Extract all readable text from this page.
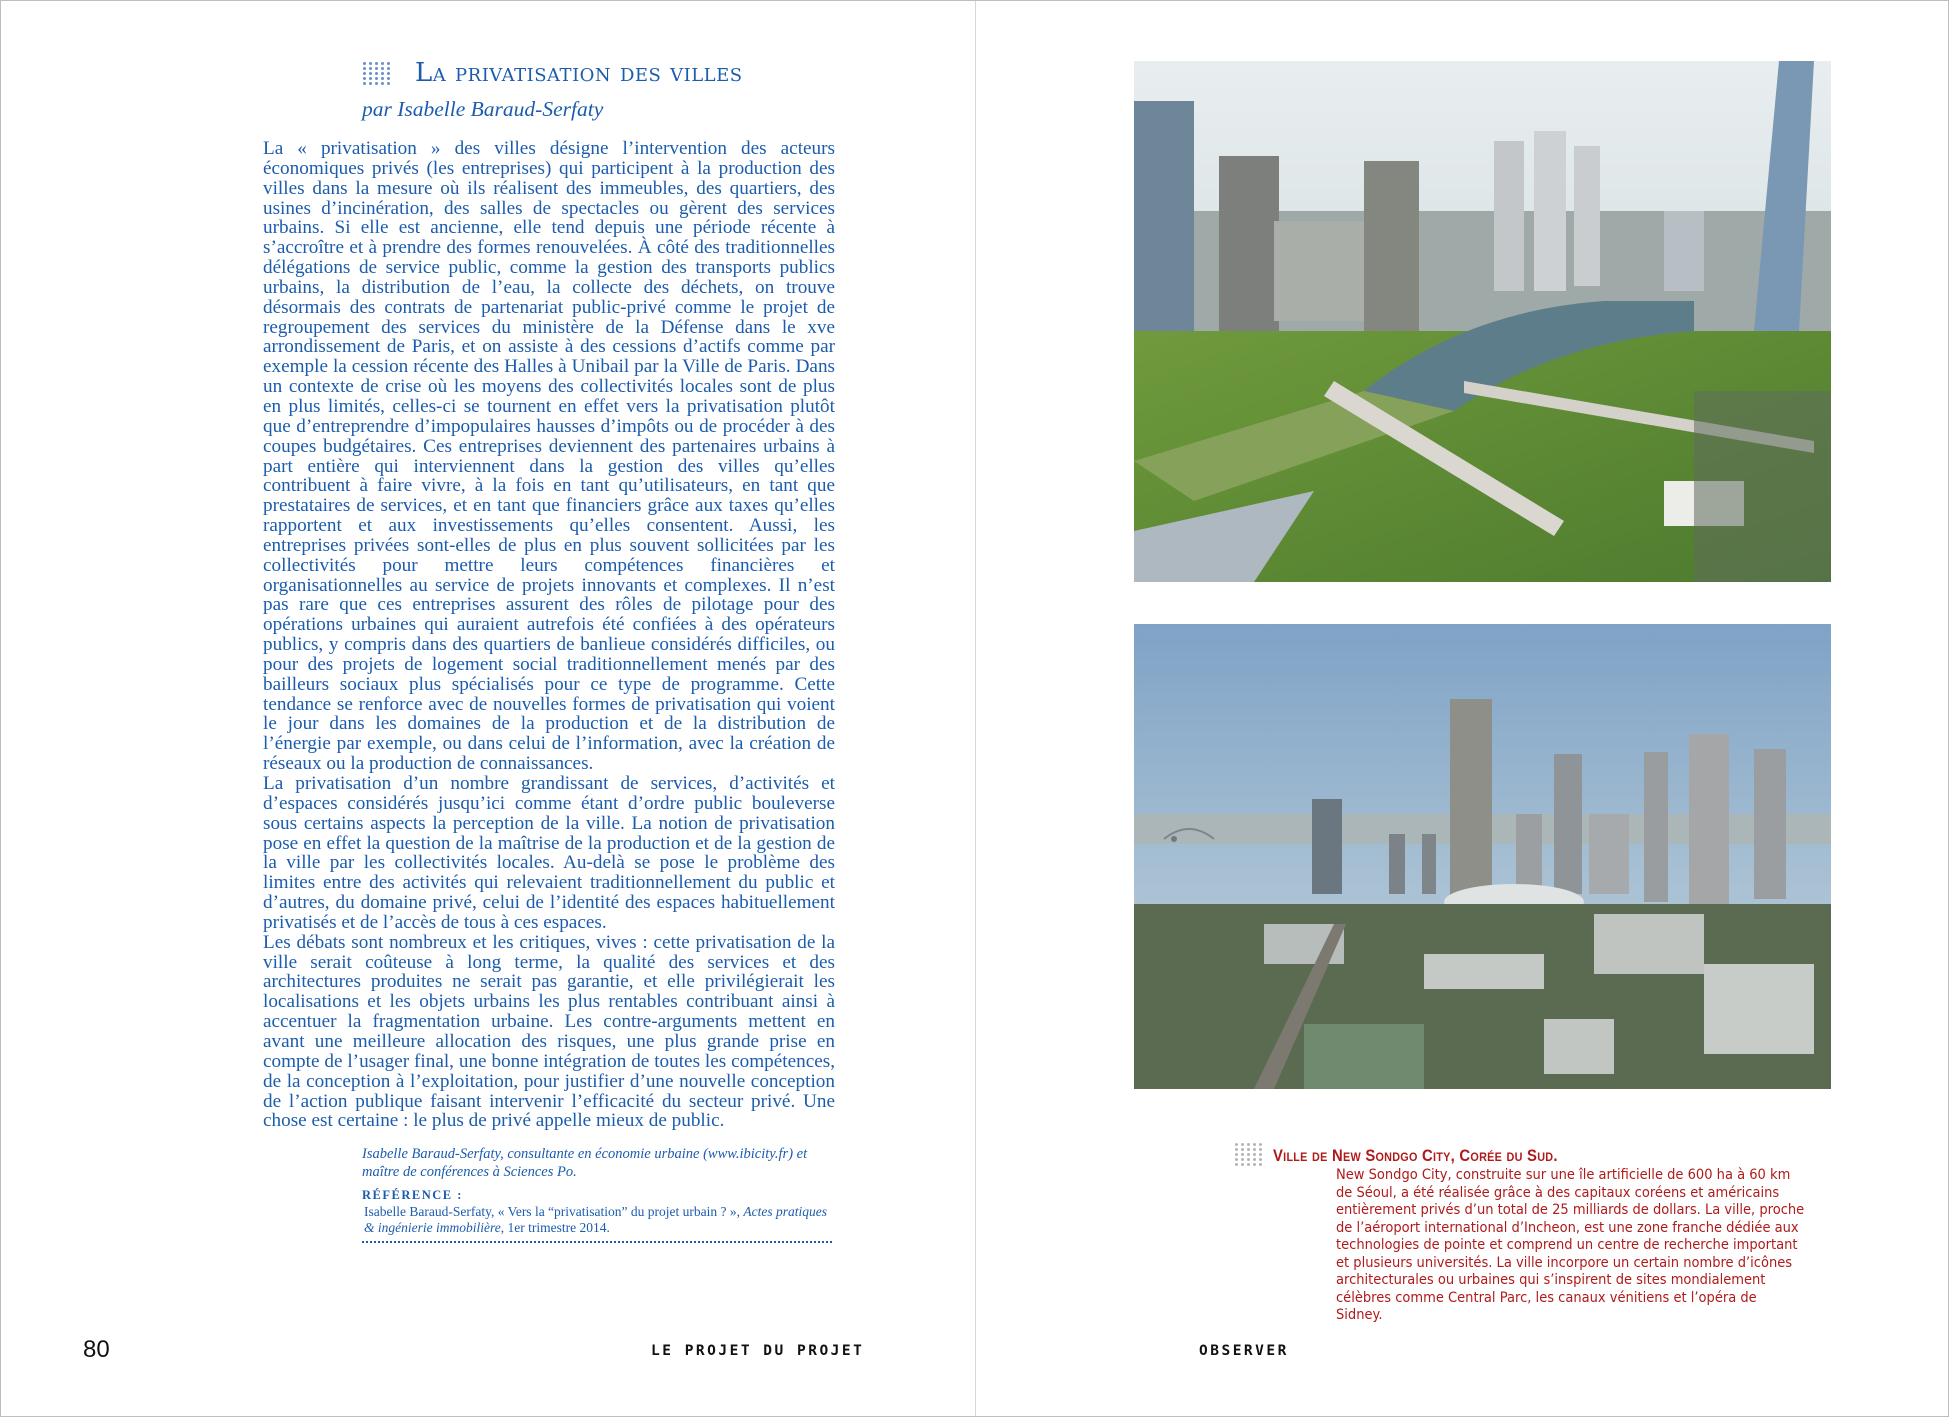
La privatisation des villes
par Isabelle Baraud-Serfaty

La « privatisation » des villes désigne l’intervention des acteurs économiques privés (les entreprises) qui participent à la production des villes dans la mesure où ils réalisent des immeubles, des quartiers, des usines d’incinération, des salles de spectacles ou gèrent des services urbains. Si elle est ancienne, elle tend depuis une période récente à s’accroître et à prendre des formes renouvelées. À côté des traditionnelles délégations de service public, comme la gestion des transports publics urbains, la distribution de l’eau, la collecte des déchets, on trouve désormais des contrats de partenariat public-privé comme le projet de regroupement des services du ministère de la Défense dans le xve arrondissement de Paris, et on assiste à des cessions d’actifs comme par exemple la cession récente des Halles à Unibail par la Ville de Paris. Dans un contexte de crise où les moyens des collectivités locales sont de plus en plus limités, celles-ci se tournent en effet vers la privatisation plutôt que d’entreprendre d’impopulaires hausses d’impôts ou de procéder à des coupes budgétaires. Ces entreprises deviennent des partenaires urbains à part entière qui interviennent dans la gestion des villes qu’elles contribuent à faire vivre, à la fois en tant qu’utilisateurs, en tant que prestataires de services, et en tant que financiers grâce aux taxes qu’elles rapportent et aux investissements qu’elles consentent. Aussi, les entreprises privées sont-elles de plus en plus souvent sollicitées par les collectivités pour mettre leurs compétences financières et organisationnelles au service de projets innovants et complexes. Il n’est pas rare que ces entreprises assurent des rôles de pilotage pour des opérations urbaines qui auraient autrefois été confiées à des opérateurs publics, y compris dans des quartiers de banlieue considérés difficiles, ou pour des projets de logement social traditionnellement menés par des bailleurs sociaux plus spécialisés pour ce type de programme. Cette tendance se renforce avec de nouvelles formes de privatisation qui voient le jour dans les domaines de la production et de la distribution de l’énergie par exemple, ou dans celui de l’information, avec la création de réseaux ou la production de connaissances.

La privatisation d’un nombre grandissant de services, d’activités et d’espaces considérés jusqu’ici comme étant d’ordre public bouleverse sous certains aspects la perception de la ville. La notion de privatisation pose en effet la question de la maîtrise de la production et de la gestion de la ville par les collectivités locales. Au-delà se pose le problème des limites entre des activités qui relevaient traditionnellement du public et d’autres, du domaine privé, celui de l’identité des espaces habituellement privatisés et de l’accès de tous à ces espaces.

Les débats sont nombreux et les critiques, vives : cette privatisation de la ville serait coûteuse à long terme, la qualité des services et des architectures produites ne serait pas garantie, et elle privilégierait les localisations et les objets urbains les plus rentables contribuant ainsi à accentuer la fragmentation urbaine. Les contre-arguments mettent en avant une meilleure allocation des risques, une plus grande prise en compte de l’usager final, une bonne intégration de toutes les compétences, de la conception à l’exploitation, pour justifier d’une nouvelle conception de l’action publique faisant intervenir l’efficacité du secteur privé. Une chose est certaine : le plus de privé appelle mieux de public.

Isabelle Baraud-Serfaty, consultante en économie urbaine (www.ibicity.fr) et maître de conférences à Sciences Po.
RÉFÉRENCE :
Isabelle Baraud-Serfaty, « Vers la “privatisation” du projet urbain ? », Actes pratiques & ingénierie immobilière, 1er trimestre 2014.
80	LE PROJET DU PROJET
Ville de New Sondgo City, Corée du Sud.
New Sondgo City, construite sur une île artificielle de 600 ha à 60 km de Séoul, a été réalisée grâce à des capitaux coréens et américains entièrement privés d’un total de 25 milliards de dollars. La ville, proche de l’aéroport international d’Incheon, est une zone franche dédiée aux technologies de pointe et comprend un centre de recherche important et plusieurs universités. La ville incorpore un certain nombre d’icônes architecturales ou urbaines qui s’inspirent de sites mondialement célèbres comme Central Parc, les canaux vénitiens et l’opéra de Sidney.
OBSERVER
